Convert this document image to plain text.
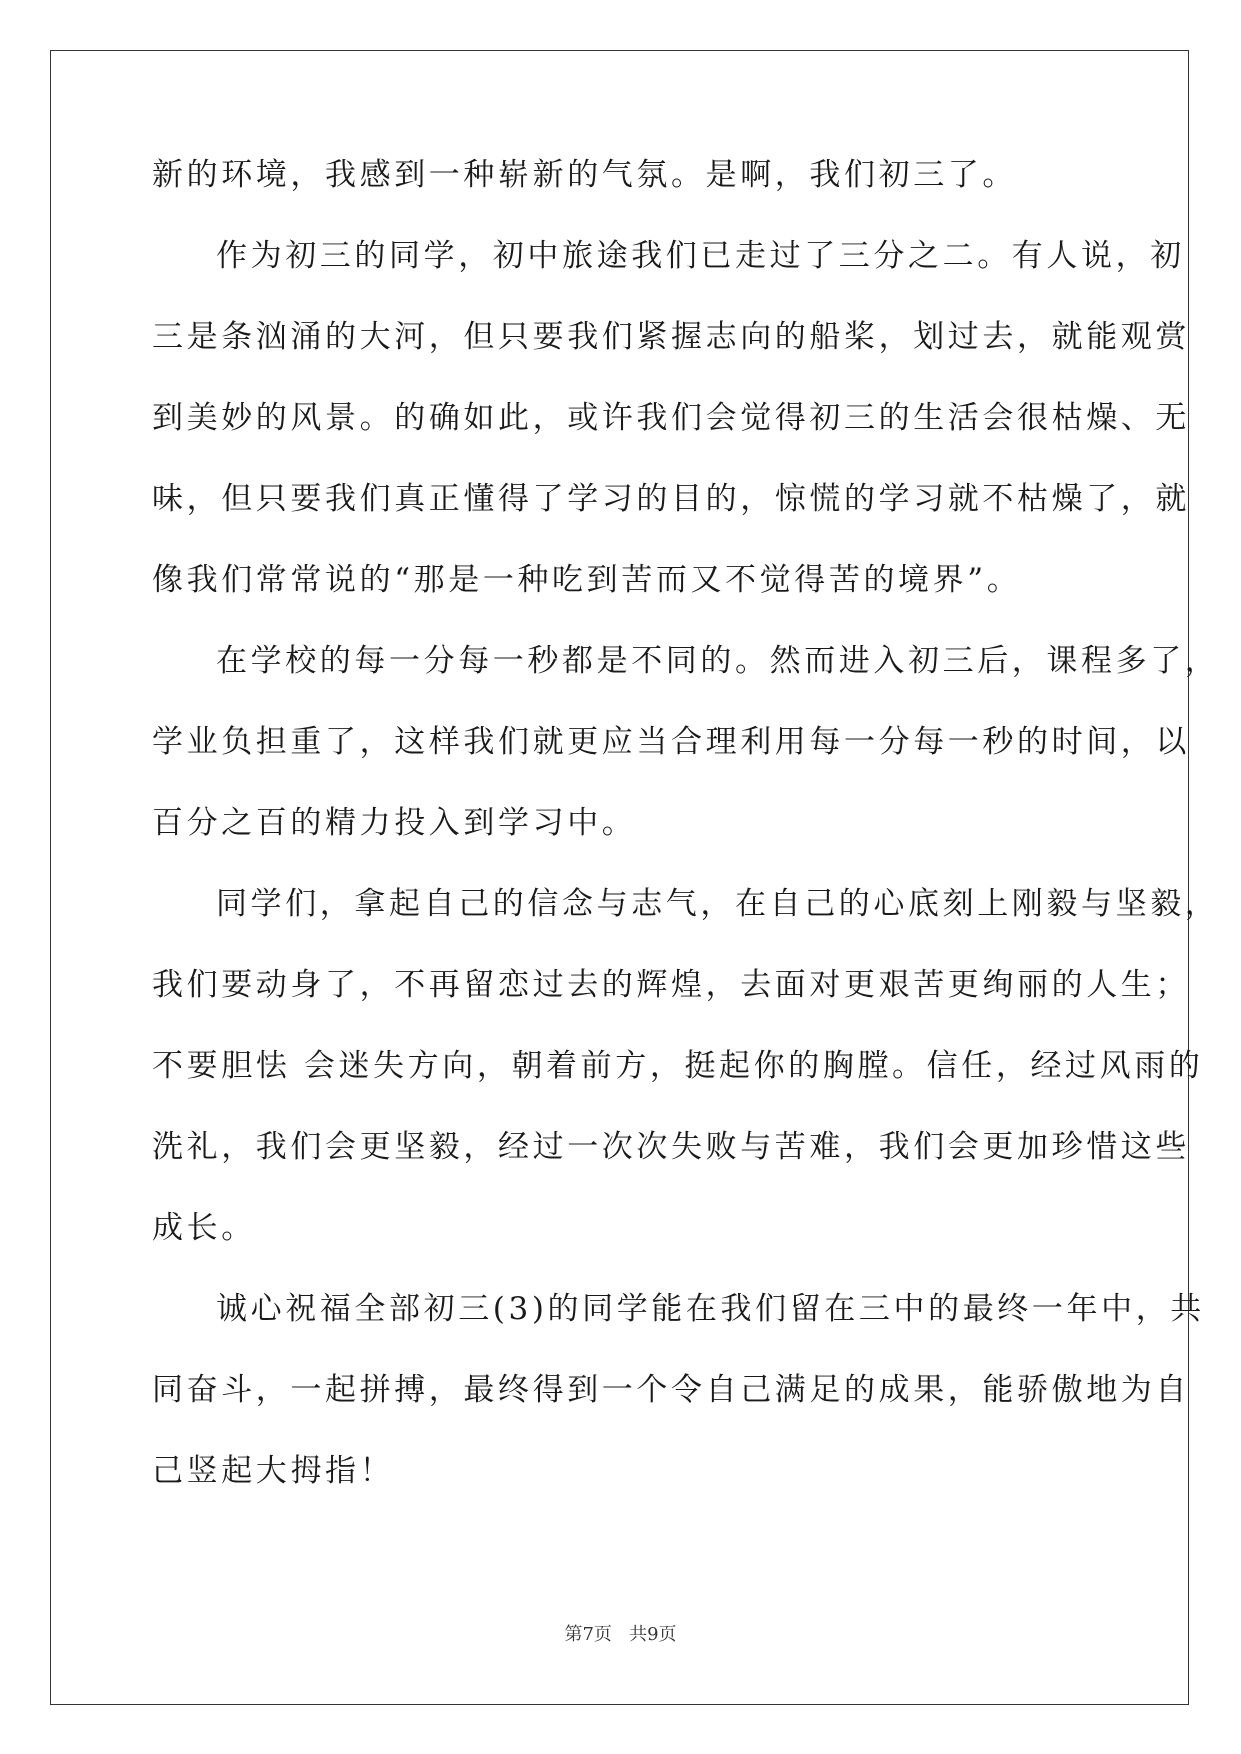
新的环境，我感到一种崭新的气氛。是啊，我们初三了。
作为初三的同学，初中旅途我们已走过了三分之二。有人说，初
三是条汹涌的大河，但只要我们紧握志向的船桨，划过去，就能观赏
到美妙的风景。的确如此，或许我们会觉得初三的生活会很枯燥、无
味，但只要我们真正懂得了学习的目的，惊慌的学习就不枯燥了，就
像我们常常说的“那是一种吃到苦而又不觉得苦的境界”。
在学校的每一分每一秒都是不同的。然而进入初三后，课程多了，
学业负担重了，这样我们就更应当合理利用每一分每一秒的时间，以
百分之百的精力投入到学习中。
同学们，拿起自己的信念与志气，在自己的心底刻上刚毅与坚毅，
我们要动身了，不再留恋过去的辉煌，去面对更艰苦更绚丽的人生；
不要胆怯 会迷失方向，朝着前方，挺起你的胸膛。信任，经过风雨的
洗礼，我们会更坚毅，经过一次次失败与苦难，我们会更加珍惜这些
成长。
诚心祝福全部初三(3)的同学能在我们留在三中的最终一年中，共
同奋斗，一起拼搏，最终得到一个令自己满足的成果，能骄傲地为自
己竖起大拇指！
第7页   共9页
